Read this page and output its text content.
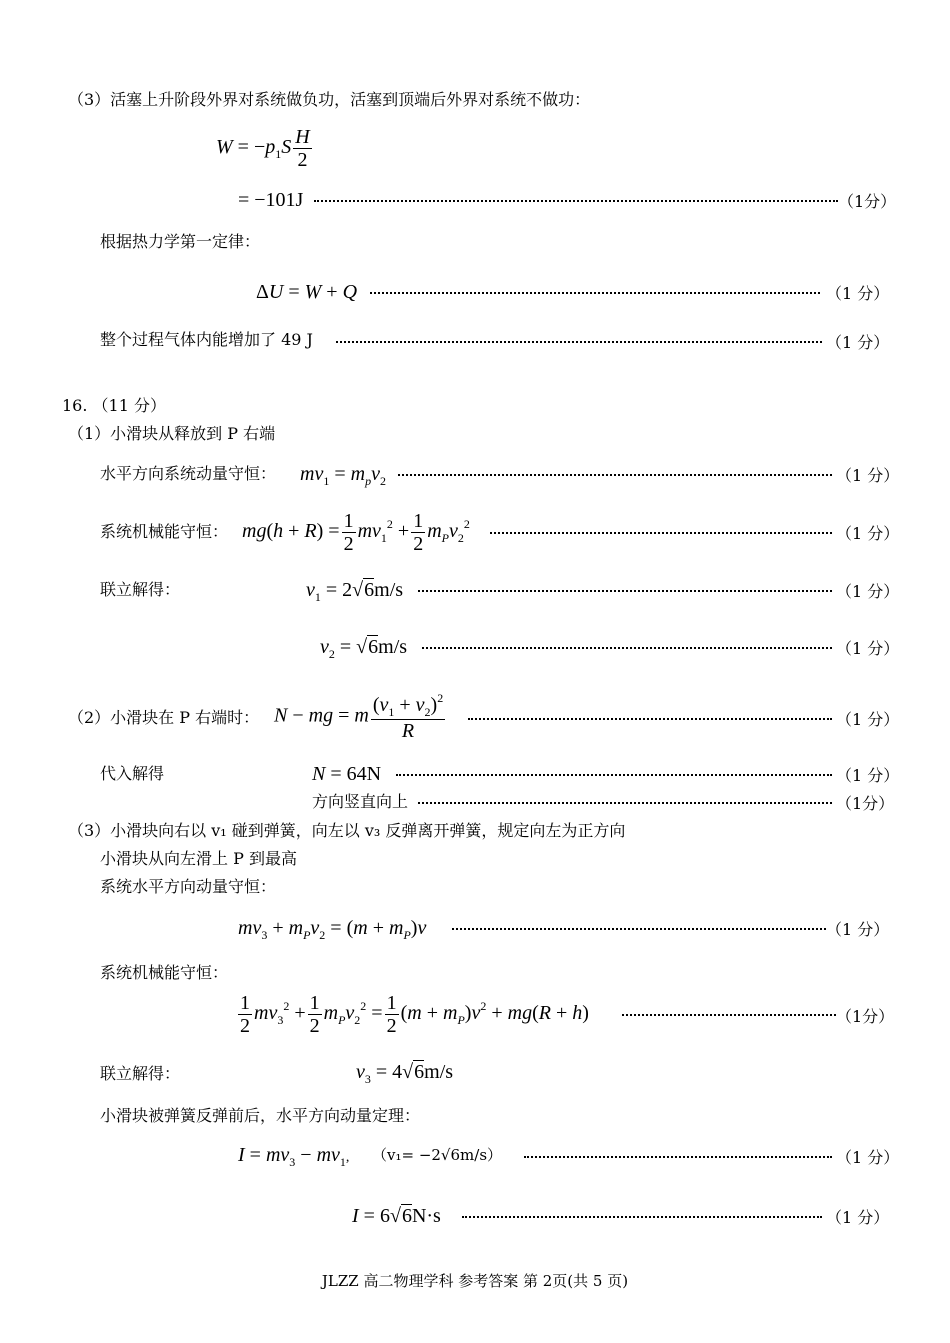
（3）活塞上升阶段外界对系统做负功，活塞到顶端后外界对系统不做功：
$W = -p_1S \frac{H}{2}$
= −101J	（1分）
根据热力学第一定律：
ΔU = W + Q	（1 分）
整个过程气体内能增加了 49 J	（1 分）
16. （11 分）
（1）小滑块从释放到 P 右端
水平方向系统动量守恒： $mv_1 = m_pv_2$	（1 分）
系统机械能守恒： $mg(h + R) = \frac{1}{2} mv_1^2 + \frac{1}{2} m_Pv_2^2$	（1 分）
联立解得：	$v_1 = 2√6m/s$	（1 分）
$v_2 = √6m/s$	（1 分）
（2）小滑块在 P 右端时： N − mg = m $\frac{(v_1 + v_2)^2}{R}$	（1 分）
代入解得	N = 64N	（1 分）
方向竖直向上	（1分）
（3）小滑块向右以 v₁ 碰到弹簧，向左以 v₃ 反弹离开弹簧，规定向左为正方向
小滑块从向左滑上 P 到最高
系统水平方向动量守恒：
$mv_3 + m_Pv_2 = (m + m_P)v$	（1 分）
系统机械能守恒：
$\frac{1}{2} mv_3^2 + \frac{1}{2} m_Pv_2^2 = \frac{1}{2} (m + m_P)v^2 + mg(R + h)$	（1分）
联立解得：	$v_3 = 4√6m/s$
小滑块被弹簧反弹前后，水平方向动量定理：
$I = mv_3 - mv_1$, （v₁= −2√6m/s）	（1 分）
I = 6√6N·s	（1 分）
JLZZ 高二物理学科 参考答案 第 2页(共 5 页)
